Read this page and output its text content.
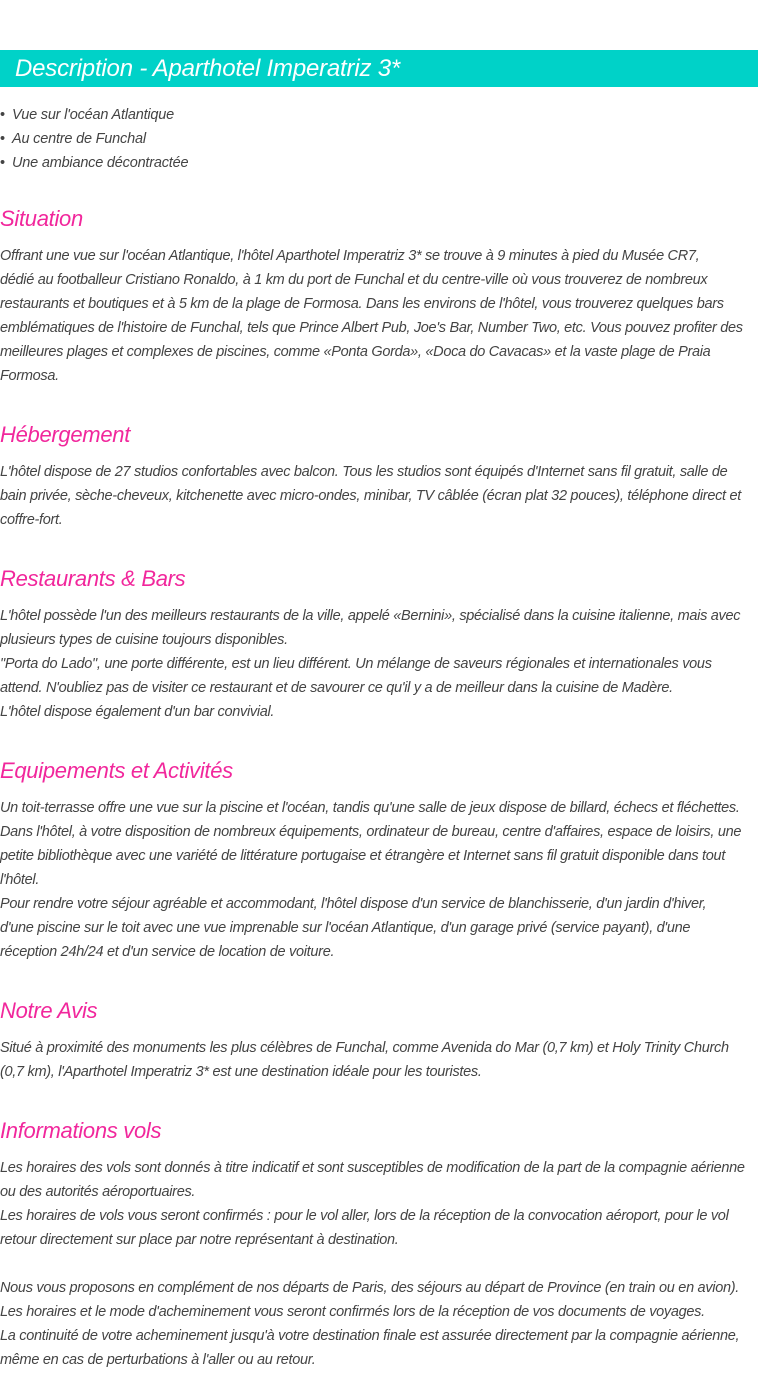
Description - Aparthotel Imperatriz 3*
• Vue sur l'océan Atlantique
• Au centre de Funchal
• Une ambiance décontractée
Situation
Offrant une vue sur l'océan Atlantique, l'hôtel Aparthotel Imperatriz 3* se trouve à 9 minutes à pied du Musée CR7,
dédié au footballeur Cristiano Ronaldo, à 1 km du port de Funchal et du centre-ville où vous trouverez de nombreux
restaurants et boutiques et à 5 km de la plage de Formosa. Dans les environs de l'hôtel, vous trouverez quelques bars
emblématiques de l'histoire de Funchal, tels que Prince Albert Pub, Joe's Bar, Number Two, etc. Vous pouvez profiter des
meilleures plages et complexes de piscines, comme «Ponta Gorda», «Doca do Cavacas» et la vaste plage de Praia
Formosa.
Hébergement
L'hôtel dispose de 27 studios confortables avec balcon. Tous les studios sont équipés d'Internet sans fil gratuit, salle de
bain privée, sèche-cheveux, kitchenette avec micro-ondes, minibar, TV câblée (écran plat 32 pouces), téléphone direct et
coffre-fort.
Restaurants & Bars
L'hôtel possède l'un des meilleurs restaurants de la ville, appelé «Bernini», spécialisé dans la cuisine italienne, mais avec
plusieurs types de cuisine toujours disponibles.
"Porta do Lado", une porte différente, est un lieu différent. Un mélange de saveurs régionales et internationales vous
attend. N'oubliez pas de visiter ce restaurant et de savourer ce qu'il y a de meilleur dans la cuisine de Madère.
L'hôtel dispose également d'un bar convivial.
Equipements et Activités
Un toit-terrasse offre une vue sur la piscine et l'océan, tandis qu'une salle de jeux dispose de billard, échecs et fléchettes.
Dans l'hôtel, à votre disposition de nombreux équipements, ordinateur de bureau, centre d'affaires, espace de loisirs, une
petite bibliothèque avec une variété de littérature portugaise et étrangère et Internet sans fil gratuit disponible dans tout
l'hôtel.
Pour rendre votre séjour agréable et accommodant, l'hôtel dispose d'un service de blanchisserie, d'un jardin d'hiver,
d'une piscine sur le toit avec une vue imprenable sur l'océan Atlantique, d'un garage privé (service payant), d'une
réception 24h/24 et d'un service de location de voiture.
Notre Avis
Situé à proximité des monuments les plus célèbres de Funchal, comme Avenida do Mar (0,7 km) et Holy Trinity Church
(0,7 km), l'Aparthotel Imperatriz 3* est une destination idéale pour les touristes.
Informations vols
Les horaires des vols sont donnés à titre indicatif et sont susceptibles de modification de la part de la compagnie aérienne
ou des autorités aéroportuaires.
Les horaires de vols vous seront confirmés : pour le vol aller, lors de la réception de la convocation aéroport, pour le vol
retour directement sur place par notre représentant à destination.
Nous vous proposons en complément de nos départs de Paris, des séjours au départ de Province (en train ou en avion).
Les horaires et le mode d'acheminement vous seront confirmés lors de la réception de vos documents de voyages.
La continuité de votre acheminement jusqu'à votre destination finale est assurée directement par la compagnie aérienne,
même en cas de perturbations à l'aller ou au retour.
